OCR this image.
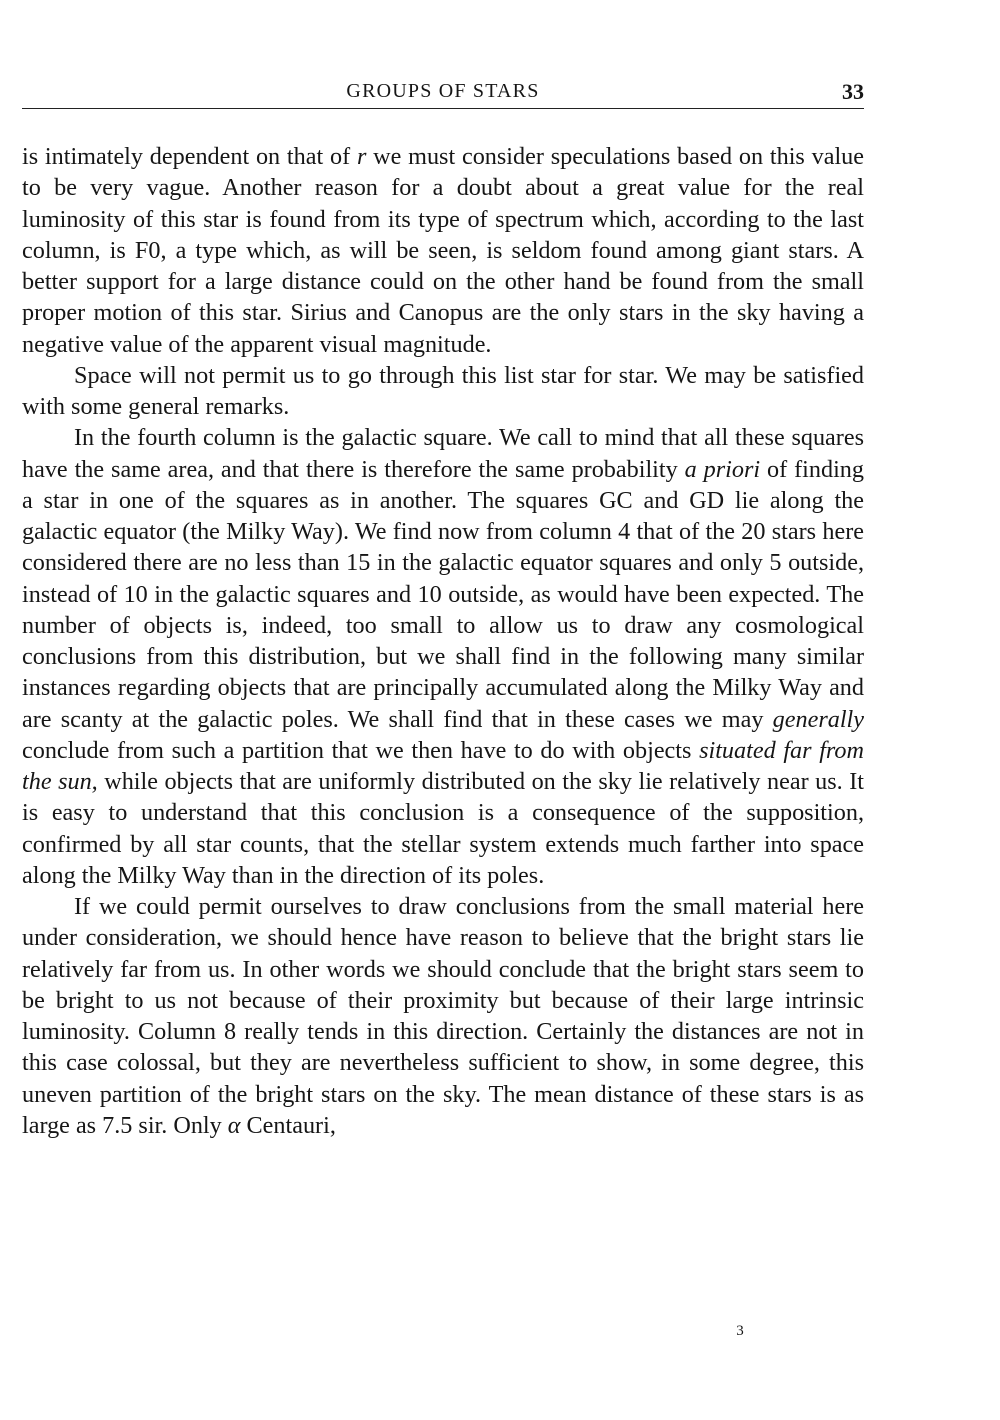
GROUPS OF STARS	33

is intimately dependent on that of r we must consider speculations based on this value to be very vague. Another reason for a doubt about a great value for the real luminosity of this star is found from its type of spectrum which, according to the last column, is F0, a type which, as will be seen, is seldom found among giant stars. A better support for a large distance could on the other hand be found from the small proper motion of this star. Sirius and Canopus are the only stars in the sky having a negative value of the apparent visual magnitude.

Space will not permit us to go through this list star for star. We may be satisfied with some general remarks.

In the fourth column is the galactic square. We call to mind that all these squares have the same area, and that there is therefore the same probability a priori of finding a star in one of the squares as in another. The squares GC and GD lie along the galactic equator (the Milky Way). We find now from column 4 that of the 20 stars here considered there are no less than 15 in the galactic equator squares and only 5 outside, instead of 10 in the galactic squares and 10 outside, as would have been expected. The number of objects is, indeed, too small to allow us to draw any cosmological conclusions from this distribution, but we shall find in the following many similar instances regarding objects that are principally accumulated along the Milky Way and are scanty at the galactic poles. We shall find that in these cases we may generally conclude from such a partition that we then have to do with objects situated far from the sun, while objects that are uniformly distributed on the sky lie relatively near us. It is easy to understand that this conclusion is a consequence of the supposition, confirmed by all star counts, that the stellar system extends much farther into space along the Milky Way than in the direction of its poles.

If we could permit ourselves to draw conclusions from the small material here under consideration, we should hence have reason to believe that the bright stars lie relatively far from us. In other words we should conclude that the bright stars seem to be bright to us not because of their proximity but because of their large intrinsic luminosity. Column 8 really tends in this direction. Certainly the distances are not in this case colossal, but they are nevertheless sufficient to show, in some degree, this uneven partition of the bright stars on the sky. The mean distance of these stars is as large as 7.5 sir. Only α Centauri,

3
